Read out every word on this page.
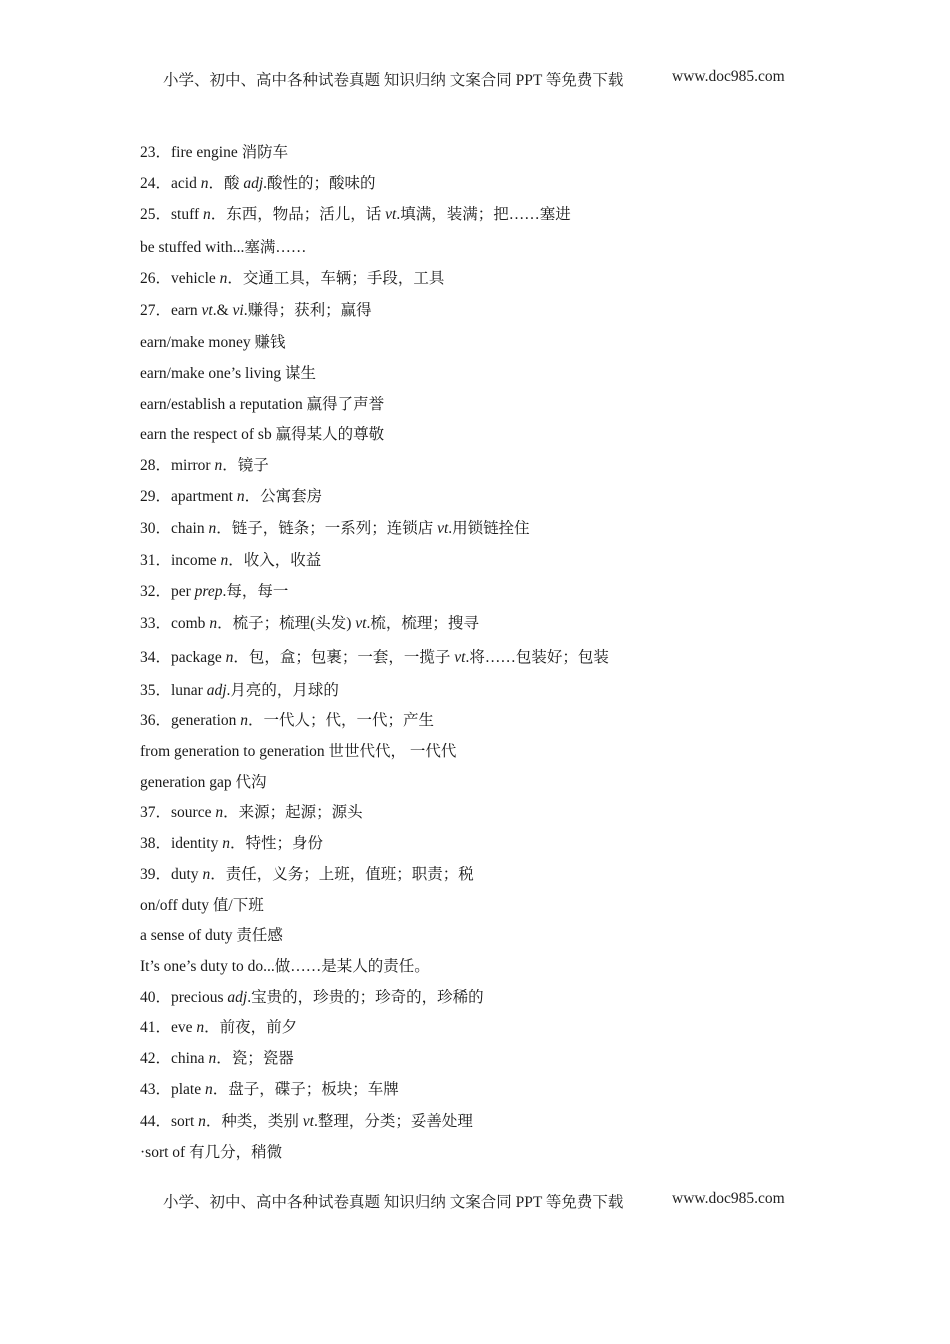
小学、初中、高中各种试卷真题 知识归纳 文案合同 PPT 等免费下载	www.doc985.com
23．fire engine 消防车
24．acid n．酸 adj.酸性的；酸味的
25．stuff n．东西，物品；活儿，话 vt.填满，装满；把……塞进
be stuffed with...塞满……
26．vehicle n．交通工具，车辆；手段，工具
27．earn vt.& vi.赚得；获利；赢得
earn/make money 赚钱
earn/make one’s living 谋生
earn/establish a reputation 赢得了声誉
earn the respect of sb 赢得某人的尊敬
28．mirror n．镜子
29．apartment n．公寓套房
30．chain n．链子，链条；一系列；连锁店 vt.用锁链拴住
31．income n．收入，收益
32．per prep.每，每一
33．comb n．梳子；梳理(头发) vt.梳，梳理；搜寻
34．package n．包，盒；包裹；一套，一揽子 vt.将……包装好；包装
35．lunar adj.月亮的，月球的
36．generation n．一代人；代，一代；产生
from generation to generation 世世代代， 一代代
generation gap 代沟
37．source n．来源；起源；源头
38．identity n．特性；身份
39．duty n．责任，义务；上班，值班；职责；税
on/off duty 值/下班
a sense of duty 责任感
It’s one’s duty to do...做……是某人的责任。
40．precious adj.宝贵的，珍贵的；珍奇的，珍稀的
41．eve n．前夜，前夕
42．china n．瓷；瓷器
43．plate n．盘子，碟子；板块；车牌
44．sort n．种类，类别 vt.整理，分类；妥善处理
·sort of 有几分，稍微
小学、初中、高中各种试卷真题 知识归纳 文案合同 PPT 等免费下载	www.doc985.com
